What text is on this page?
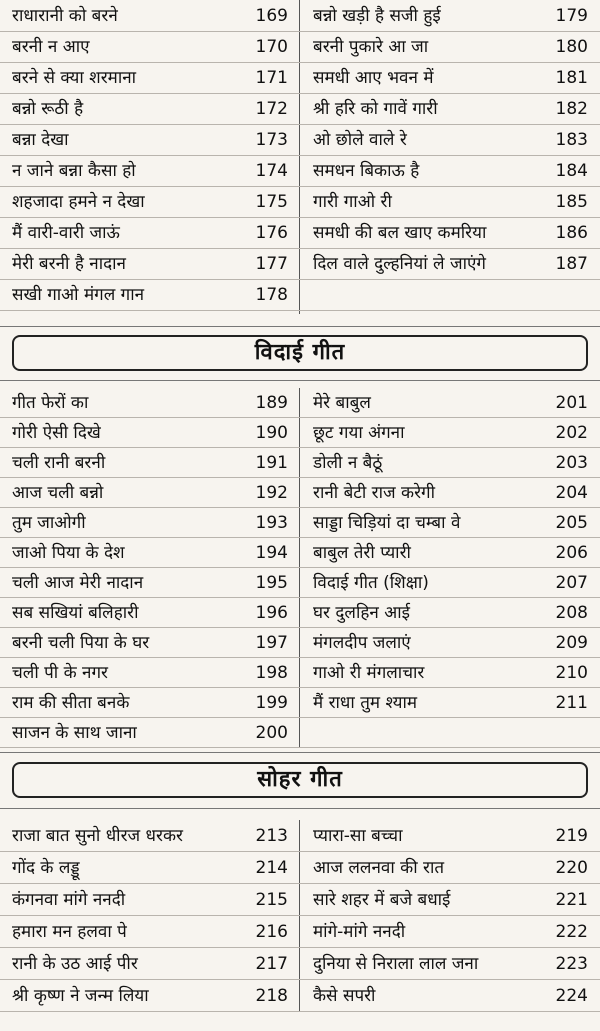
राधारानी को बरने	169 बन्नो खड़ी है सजी हुई	179
बरनी न आए	170 बरनी पुकारे आ जा	180
बरने से क्या शरमाना	171 समधी आए भवन में	181
बन्नो रूठी है	172 श्री हरि को गावें गारी	182
बन्ना देखा	173 ओ छोले वाले रे	183
न जाने बन्ना कैसा हो	174 समधन बिकाऊ है	184
शहजादा हमने न देखा	175 गारी गाओ री	185
मैं वारी-वारी जाऊं	176 समधी की बल खाए कमरिया	186
मेरी बरनी है नादान	177 दिल वाले दुल्हनियां ले जाएंगे	187
सखी गाओ मंगल गान	178
विदाई गीत
गीत फेरों का	189 मेरे बाबुल	201
गोरी ऐसी दिखे	190 छूट गया अंगना	202
चली रानी बरनी	191 डोली न बैठूं	203
आज चली बन्नो	192 रानी बेटी राज करेगी	204
तुम जाओगी	193 साड्डा चिड़ियां दा चम्बा वे	205
जाओ पिया के देश	194 बाबुल तेरी प्यारी	206
चली आज मेरी नादान	195 विदाई गीत (शिक्षा)	207
सब सखियां बलिहारी	196 घर दुलहिन आई	208
बरनी चली पिया के घर	197 मंगलदीप जलाएं	209
चली पी के नगर	198 गाओ री मंगलाचार	210
राम की सीता बनके	199 मैं राधा तुम श्याम	211
साजन के साथ जाना	200
सोहर गीत
राजा बात सुनो धीरज धरकर	213 प्यारा-सा बच्चा	219
गोंद के लड्डू	214 आज ललनवा की रात	220
कंगनवा मांगे ननदी	215 सारे शहर में बजे बधाई	221
हमारा मन हलवा पे	216 मांगे-मांगे ननदी	222
रानी के उठ आई पीर	217 दुनिया से निराला लाल जना	223
श्री कृष्ण ने जन्म लिया	218 कैसे सपरी	224
